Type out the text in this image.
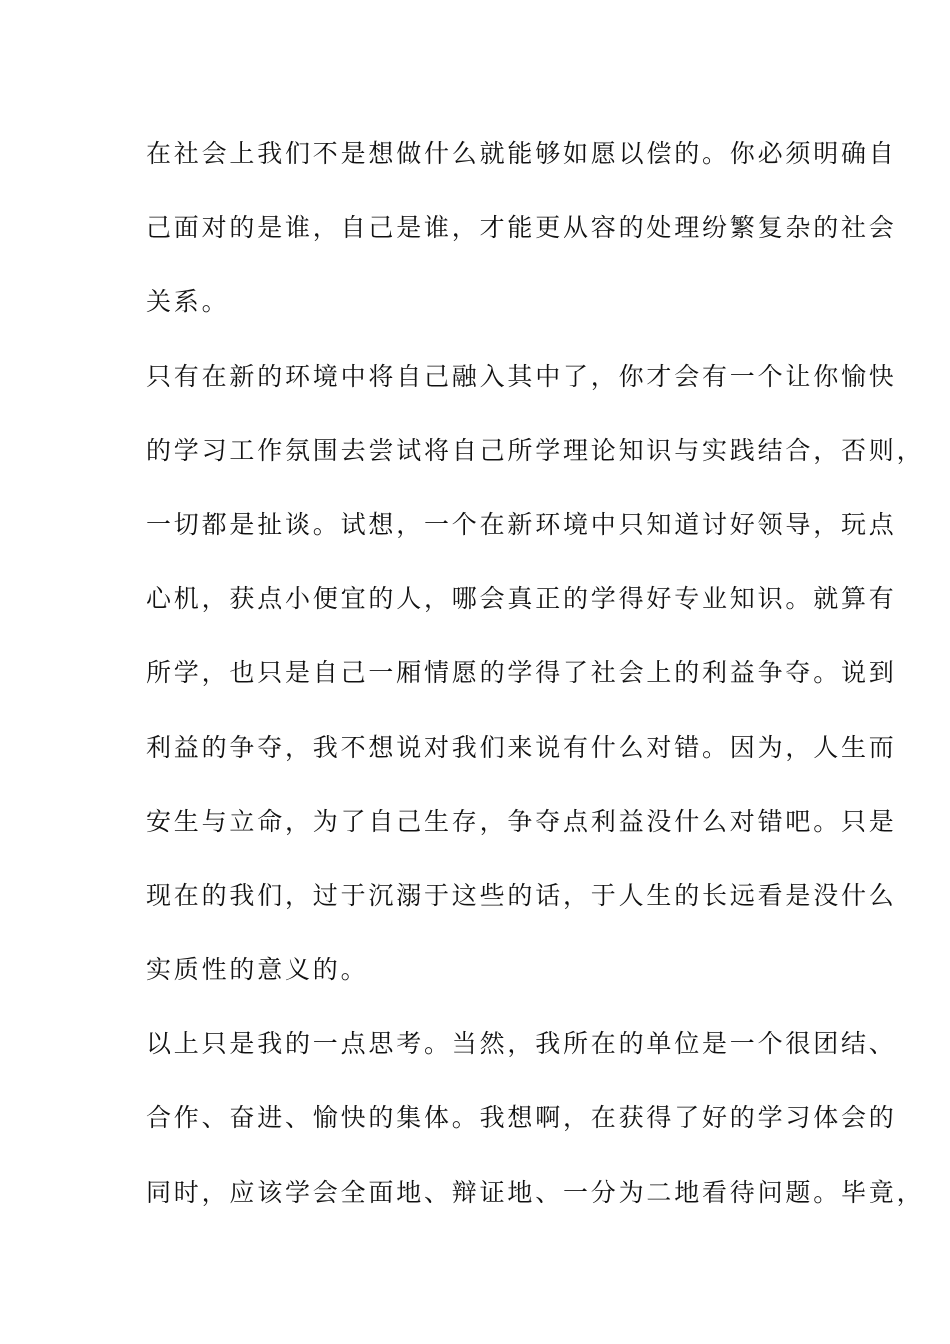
在社会上我们不是想做什么就能够如愿以偿的。你必须明确自
己面对的是谁，自己是谁，才能更从容的处理纷繁复杂的社会
关系。
只有在新的环境中将自己融入其中了，你才会有一个让你愉快
的学习工作氛围去尝试将自己所学理论知识与实践结合，否则，
一切都是扯谈。试想，一个在新环境中只知道讨好领导，玩点
心机，获点小便宜的人，哪会真正的学得好专业知识。就算有
所学，也只是自己一厢情愿的学得了社会上的利益争夺。说到
利益的争夺，我不想说对我们来说有什么对错。因为，人生而
安生与立命，为了自己生存，争夺点利益没什么对错吧。只是
现在的我们，过于沉溺于这些的话，于人生的长远看是没什么
实质性的意义的。
以上只是我的一点思考。当然，我所在的单位是一个很团结、
合作、奋进、愉快的集体。我想啊，在获得了好的学习体会的
同时，应该学会全面地、辩证地、一分为二地看待问题。毕竟，
